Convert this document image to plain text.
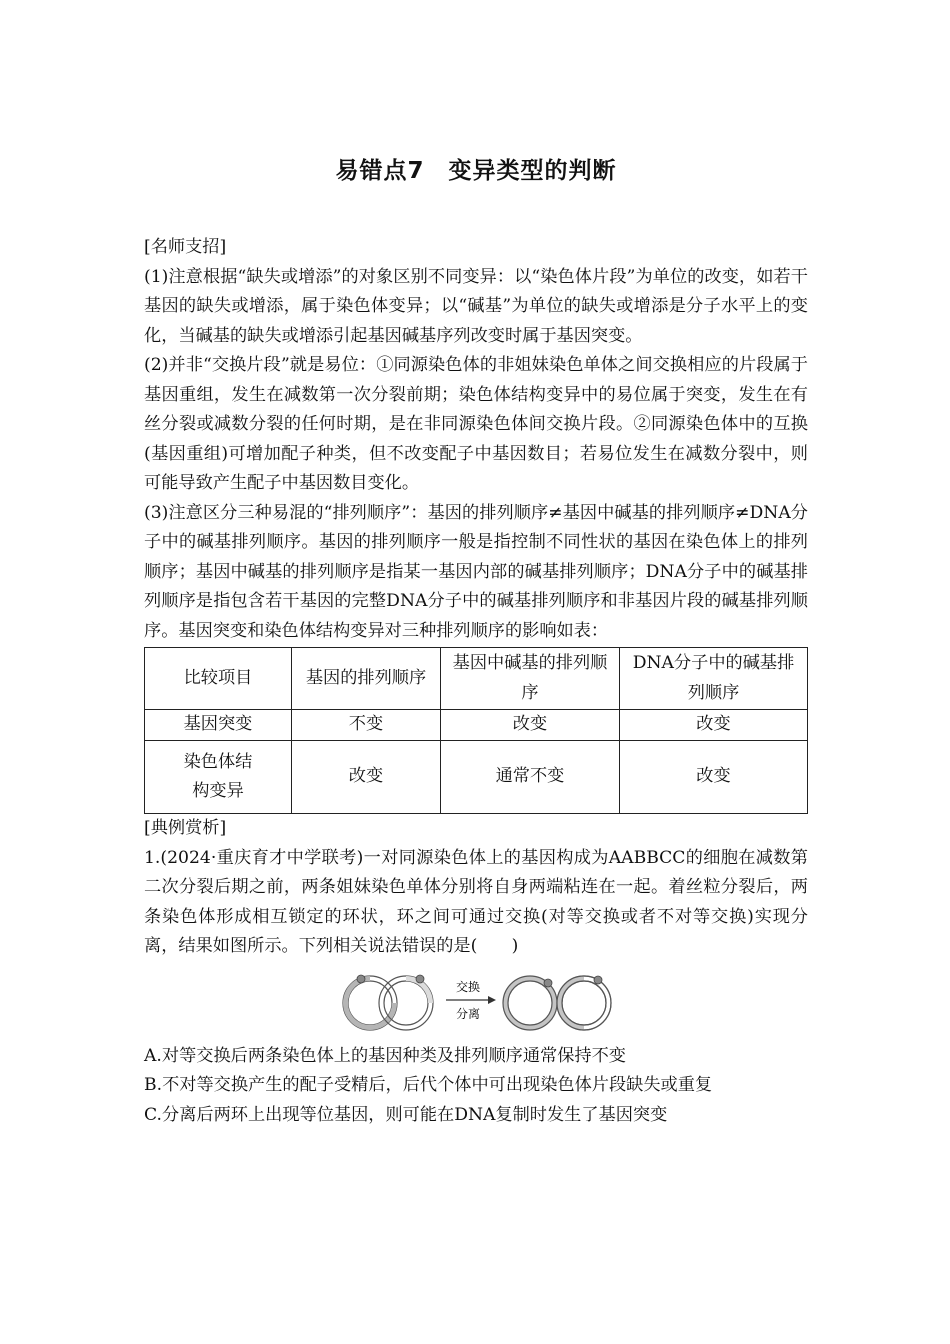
易错点7　变异类型的判断

[名师支招]

(1)注意根据“缺失或增添”的对象区别不同变异：以“染色体片段”为单位的改变，如若干基因的缺失或增添，属于染色体变异；以“碱基”为单位的缺失或增添是分子水平上的变化，当碱基的缺失或增添引起基因碱基序列改变时属于基因突变。

(2)并非“交换片段”就是易位：①同源染色体的非姐妹染色单体之间交换相应的片段属于基因重组，发生在减数第一次分裂前期；染色体结构变异中的易位属于突变，发生在有丝分裂或减数分裂的任何时期，是在非同源染色体间交换片段。②同源染色体中的互换(基因重组)可增加配子种类，但不改变配子中基因数目；若易位发生在减数分裂中，则可能导致产生配子中基因数目变化。

(3)注意区分三种易混的“排列顺序”：基因的排列顺序≠基因中碱基的排列顺序≠DNA分子中的碱基排列顺序。基因的排列顺序一般是指控制不同性状的基因在染色体上的排列顺序；基因中碱基的排列顺序是指某一基因内部的碱基排列顺序；DNA分子中的碱基排列顺序是指包含若干基因的完整DNA分子中的碱基排列顺序和非基因片段的碱基排列顺序。基因突变和染色体结构变异对三种排列顺序的影响如表：

比较项目	基因的排列顺序	基因中碱基的排列顺序	DNA分子中的碱基排列顺序
基因突变	不变	改变	改变
染色体结构变异	改变	通常不变	改变

[典例赏析]

1.(2024·重庆育才中学联考)一对同源染色体上的基因构成为AABBCC的细胞在减数第二次分裂后期之前，两条姐妹染色单体分别将自身两端粘连在一起。着丝粒分裂后，两条染色体形成相互锁定的环状，环之间可通过交换(对等交换或者不对等交换)实现分离，结果如图所示。下列相关说法错误的是(　　)

交换
分离

A.对等交换后两条染色体上的基因种类及排列顺序通常保持不变

B.不对等交换产生的配子受精后，后代个体中可出现染色体片段缺失或重复

C.分离后两环上出现等位基因，则可能在DNA复制时发生了基因突变
